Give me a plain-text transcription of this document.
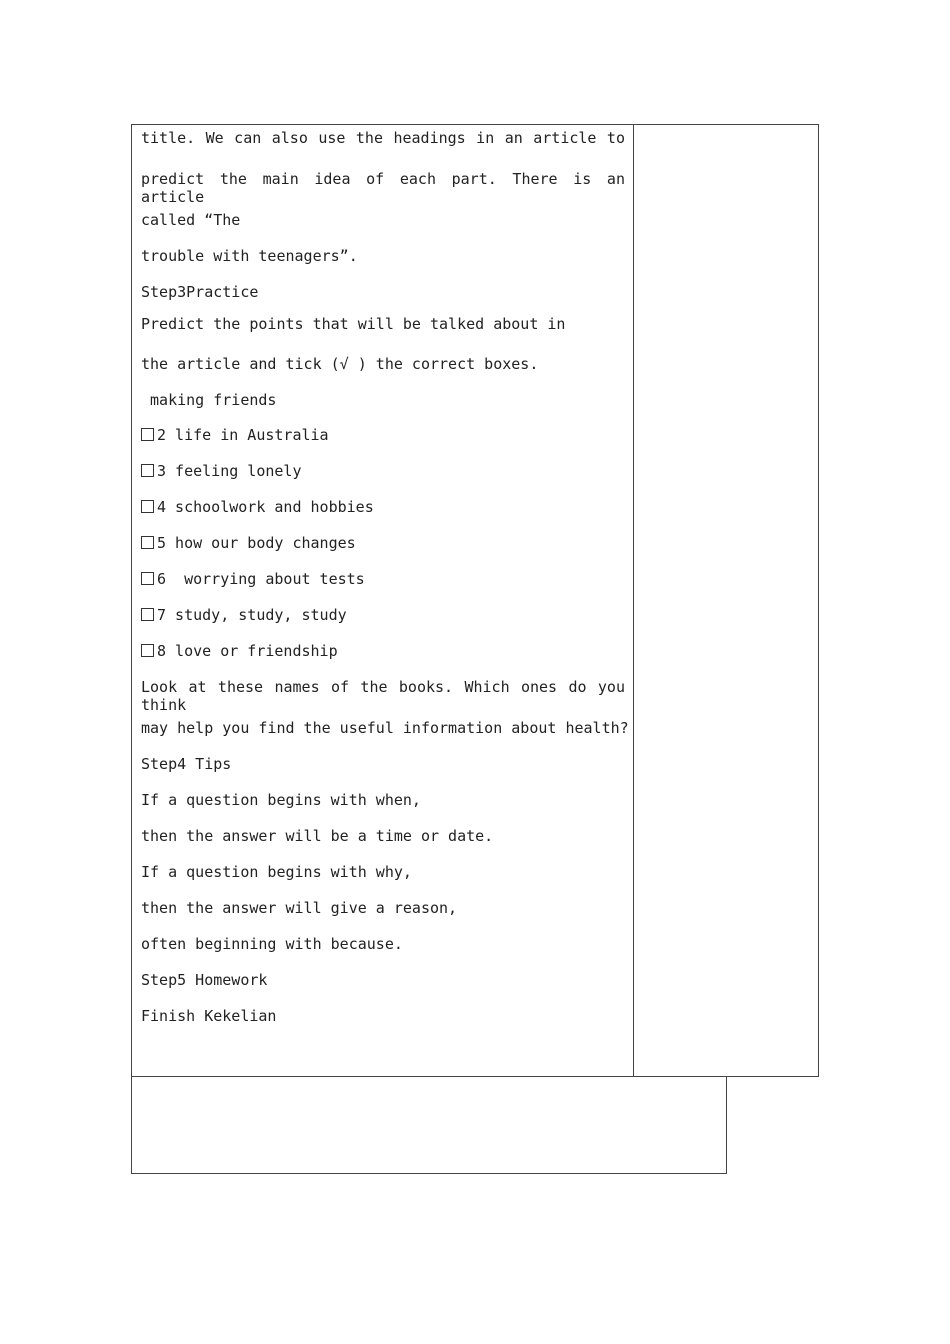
title. We can also use the headings in an article to
predict the main idea of each part. There is an article
called “The
trouble with teenagers”.
Step3Practice
Predict the points that will be talked about in
the article and tick (√ ) the correct boxes.
making friends
2 life in Australia
3 feeling lonely
4 schoolwork and hobbies
5 how our body changes
6  worrying about tests
7 study, study, study
8 love or friendship
Look at these names of the books. Which ones do you think
may help you find the useful information about health?
Step4 Tips
If a question begins with when,
then the answer will be a time or date.
If a question begins with why,
then the answer will give a reason,
often beginning with because.
Step5 Homework
Finish Kekelian
